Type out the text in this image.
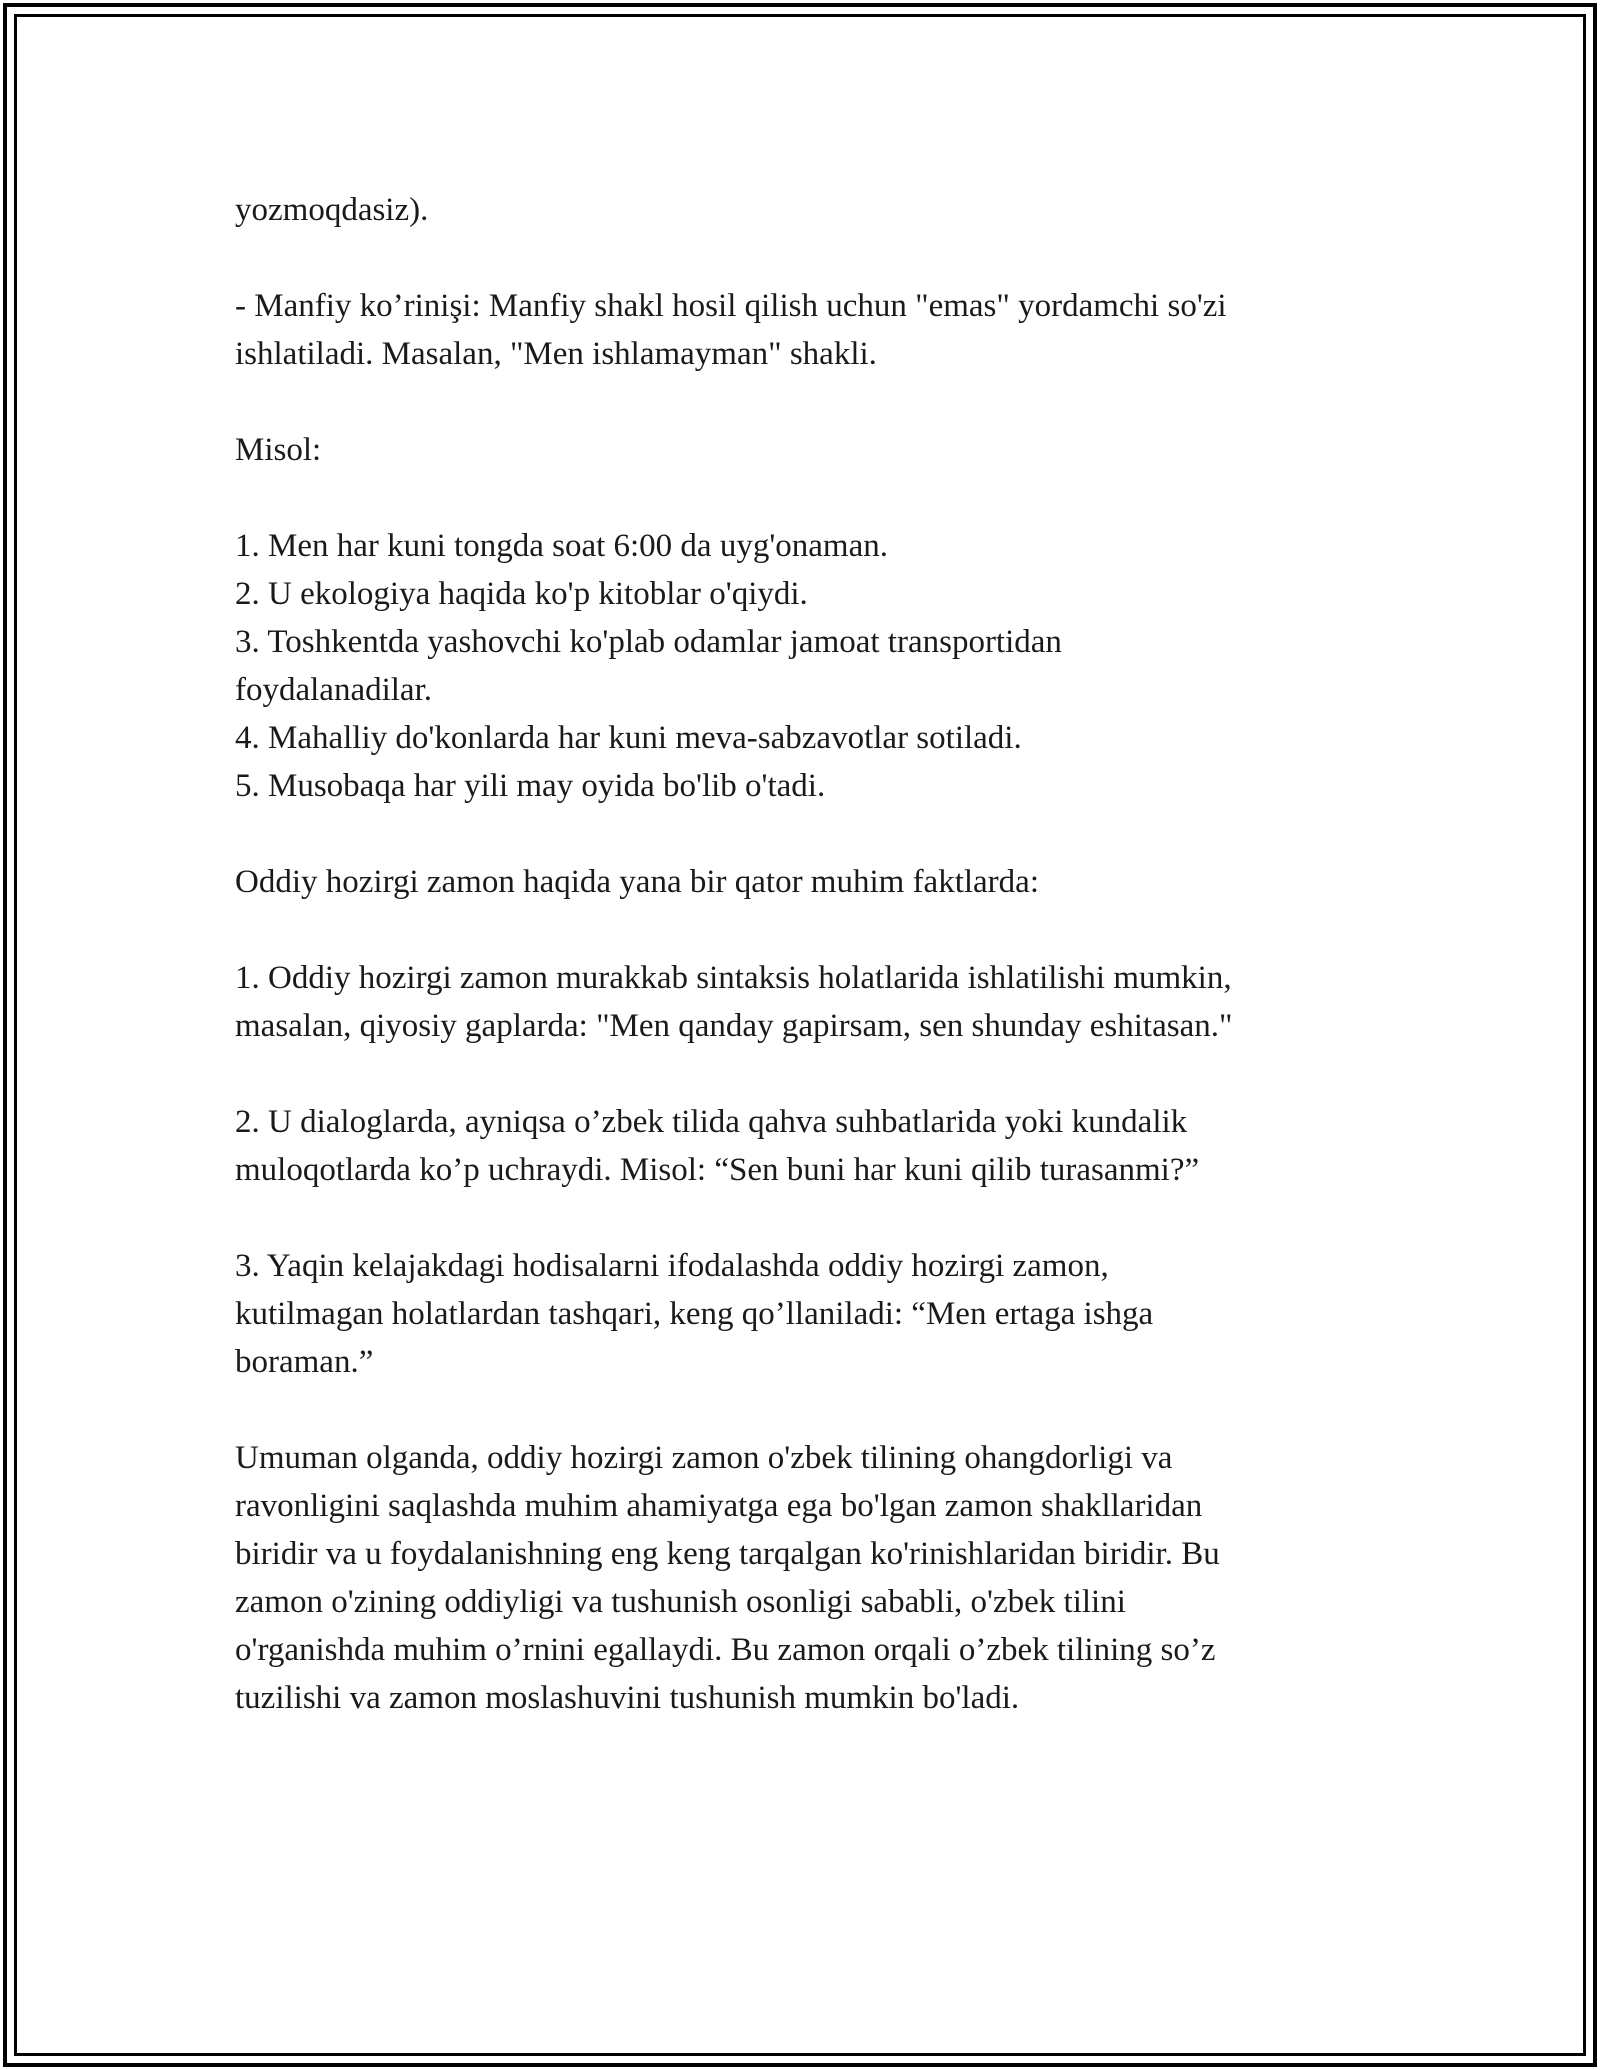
yozmoqdasiz).
- Manfiy ko’rinişi: Manfiy shakl hosil qilish uchun "emas" yordamchi so'zi
ishlatiladi. Masalan, "Men ishlamayman" shakli.
Misol:
1. Men har kuni tongda soat 6:00 da uyg'onaman.
2. U ekologiya haqida ko'p kitoblar o'qiydi.
3. Toshkentda yashovchi ko'plab odamlar jamoat transportidan
foydalanadilar.
4. Mahalliy do'konlarda har kuni meva-sabzavotlar sotiladi.
5. Musobaqa har yili may oyida bo'lib o'tadi.
Oddiy hozirgi zamon haqida yana bir qator muhim faktlarda:
1. Oddiy hozirgi zamon murakkab sintaksis holatlarida ishlatilishi mumkin,
masalan, qiyosiy gaplarda: "Men qanday gapirsam, sen shunday eshitasan."
2. U dialoglarda, ayniqsa o’zbek tilida qahva suhbatlarida yoki kundalik
muloqotlarda ko’p uchraydi. Misol: “Sen buni har kuni qilib turasanmi?”
3. Yaqin kelajakdagi hodisalarni ifodalashda oddiy hozirgi zamon,
kutilmagan holatlardan tashqari, keng qo’llaniladi: “Men ertaga ishga
boraman.”
Umuman olganda, oddiy hozirgi zamon o'zbek tilining ohangdorligi va
ravonligini saqlashda muhim ahamiyatga ega bo'lgan zamon shakllaridan
biridir va u foydalanishning eng keng tarqalgan ko'rinishlaridan biridir. Bu
zamon o'zining oddiyligi va tushunish osonligi sababli, o'zbek tilini
o'rganishda muhim o’rnini egallaydi. Bu zamon orqali o’zbek tilining so’z
tuzilishi va zamon moslashuvini tushunish mumkin bo'ladi.
